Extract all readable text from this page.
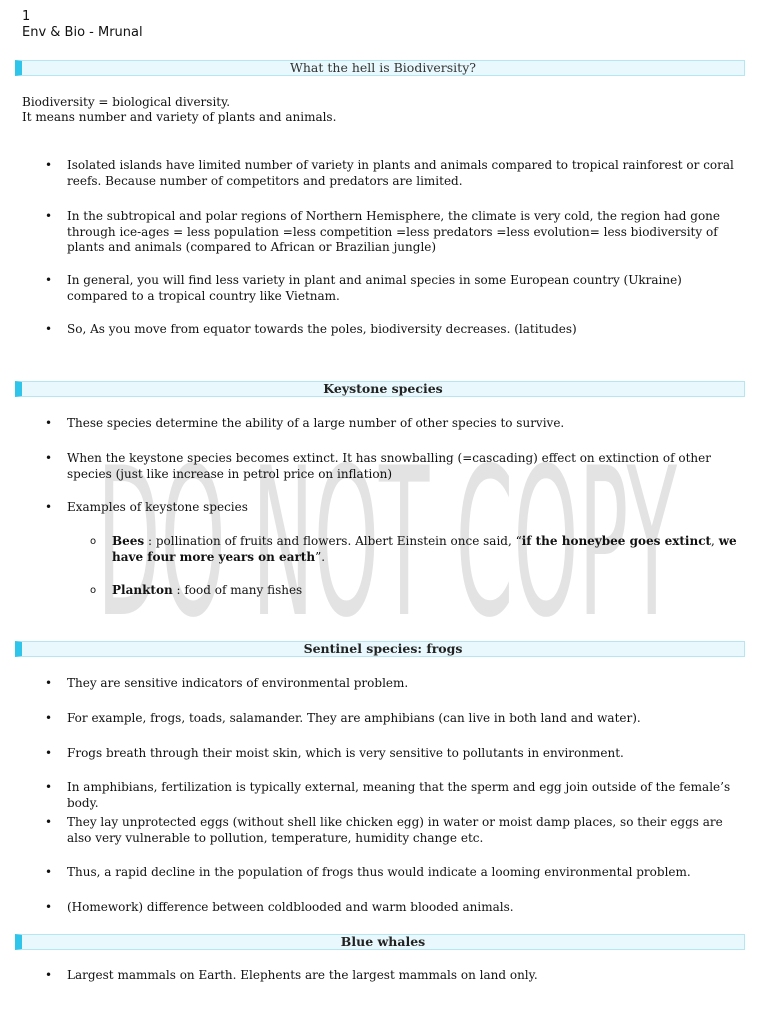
1
Env & Bio - Mrunal
DO NOT COPY
What the hell is Biodiversity?
Biodiversity = biological diversity.
It means number and variety of plants and animals.
• Isolated islands have limited number of variety in plants and animals compared to tropical rainforest or coral reefs. Because number of competitors and predators are limited.
• In the subtropical and polar regions of Northern Hemisphere, the climate is very cold, the region had gone through ice-ages = less population =less competition =less predators =less evolution= less biodiversity of plants and animals (compared to African or Brazilian jungle)
• In general, you will find less variety in plant and animal species in some European country (Ukraine) compared to a tropical country like Vietnam.
• So, As you move from equator towards the poles, biodiversity decreases. (latitudes)
Keystone species
• These species determine the ability of a large number of other species to survive.
• When the keystone species becomes extinct. It has snowballing (=cascading) effect on extinction of other species (just like increase in petrol price on inflation)
• Examples of keystone species
o Bees : pollination of fruits and flowers. Albert Einstein once said, “if the honeybee goes extinct, we have four more years on earth”.
o Plankton : food of many fishes
Sentinel species: frogs
• They are sensitive indicators of environmental problem.
• For example, frogs, toads, salamander. They are amphibians (can live in both land and water).
• Frogs breath through their moist skin, which is very sensitive to pollutants in environment.
• In amphibians, fertilization is typically external, meaning that the sperm and egg join outside of the female’s body.
• They lay unprotected eggs (without shell like chicken egg) in water or moist damp places, so their eggs are also very vulnerable to pollution, temperature, humidity change etc.
• Thus, a rapid decline in the population of frogs thus would indicate a looming environmental problem.
• (Homework) difference between coldblooded and warm blooded animals.
Blue whales
• Largest mammals on Earth. Elephents are the largest mammals on land only.
